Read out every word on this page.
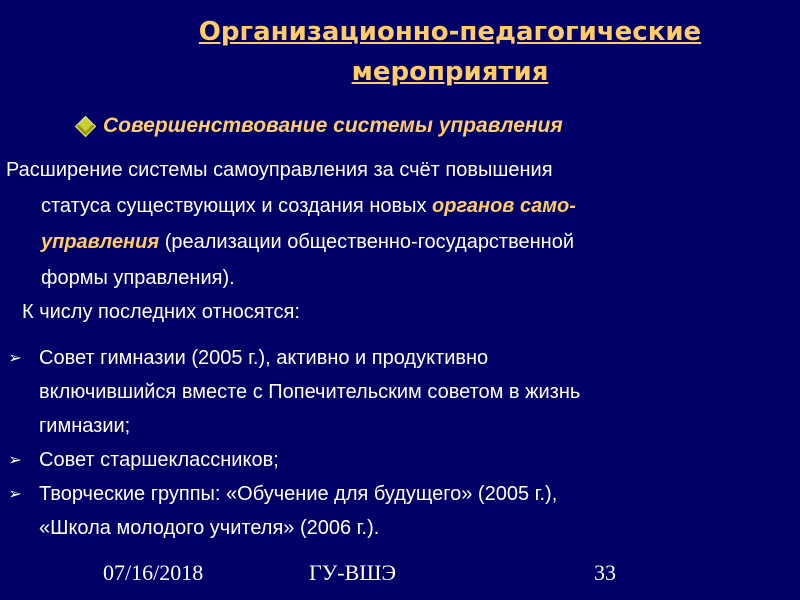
Организационно-педагогические
мероприятия
Совершенствование системы управления
Расширение системы самоуправления за счёт повышения
статуса существующих и создания новых органов само-
управления (реализации общественно-государственной
формы управления).
К числу последних относятся:
➢ Совет гимназии (2005 г.), активно и продуктивно
включившийся вместе с Попечительским советом в жизнь
гимназии;
➢ Совет старшеклассников;
➢ Творческие группы: «Обучение для будущего» (2005 г.),
«Школа молодого учителя» (2006 г.).
07/16/2018	ГУ-ВШЭ	33
